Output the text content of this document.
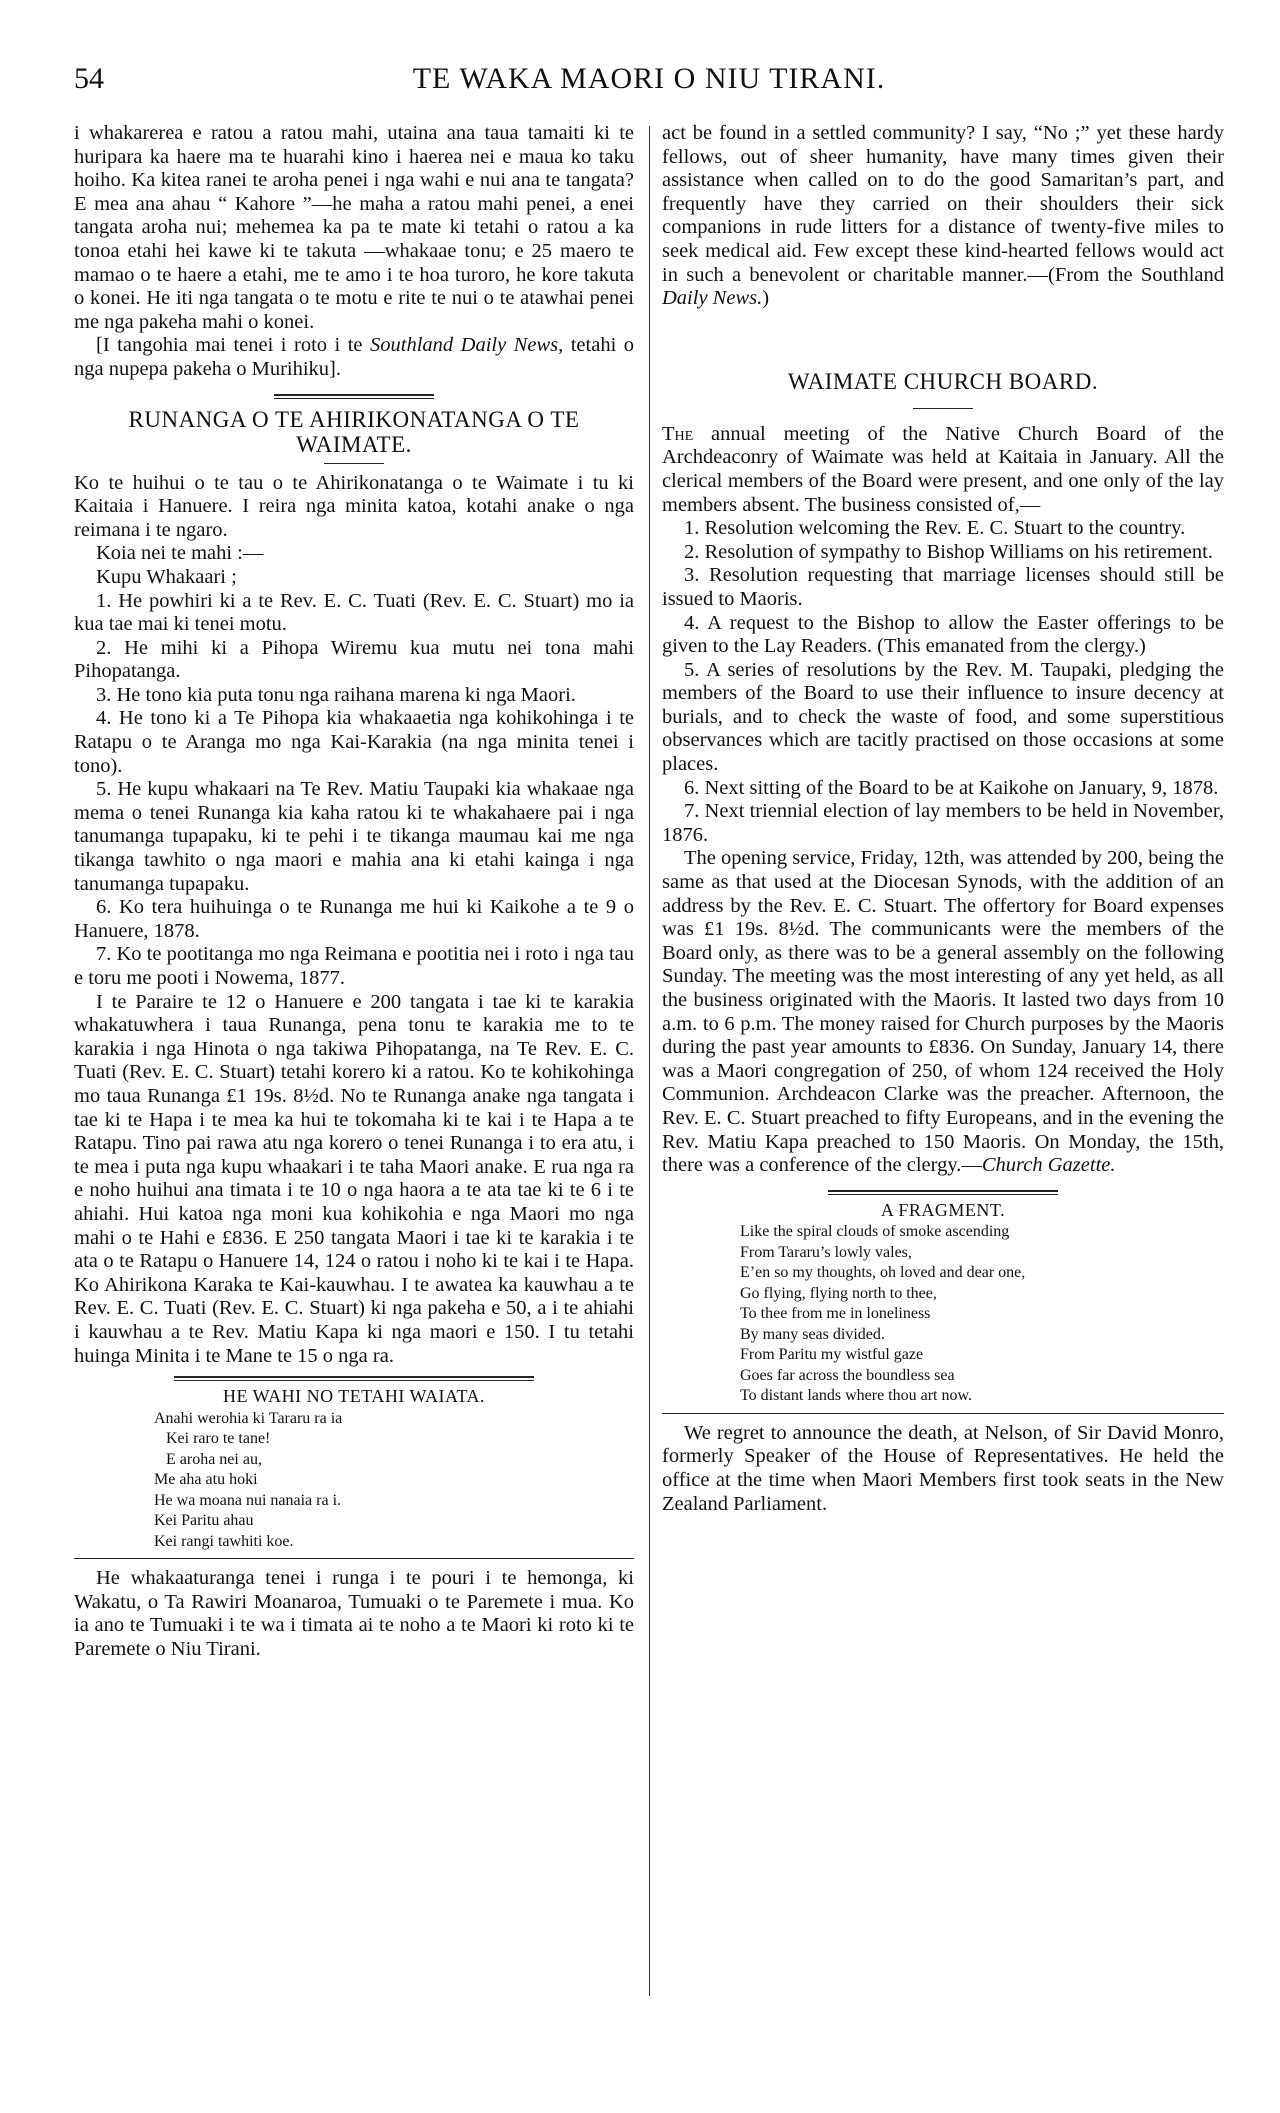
54	TE WAKA MAORI O NIU TIRANI.

i whakarerea e ratou a ratou mahi, utaina ana taua tamaiti ki te huripara ka haere ma te huarahi kino i haerea nei e maua ko taku hoiho. Ka kitea ranei te aroha penei i nga wahi e nui ana te tangata? E mea ana ahau “ Kahore ”—he maha a ratou mahi penei, a enei tangata aroha nui; mehemea ka pa te mate ki tetahi o ratou a ka tonoa etahi hei kawe ki te takuta —whakaae tonu; e 25 maero te mamao o te haere a etahi, me te amo i te hoa turoro, he kore takuta o konei. He iti nga tangata o te motu e rite te nui o te atawhai penei me nga pakeha mahi o konei.

[I tangohia mai tenei i roto i te Southland Daily News, tetahi o nga nupepa pakeha o Murihiku].

RUNANGA O TE AHIRIKONATANGA O TE WAIMATE.

Ko te huihui o te tau o te Ahirikonatanga o te Waimate i tu ki Kaitaia i Hanuere. I reira nga minita katoa, kotahi anake o nga reimana i te ngaro.

Koia nei te mahi :—

Kupu Whakaari ;

1. He powhiri ki a te Rev. E. C. Tuati (Rev. E. C. Stuart) mo ia kua tae mai ki tenei motu.

2. He mihi ki a Pihopa Wiremu kua mutu nei tona mahi Pihopatanga.

3. He tono kia puta tonu nga raihana marena ki nga Maori.

4. He tono ki a Te Pihopa kia whakaaetia nga kohikohinga i te Ratapu o te Aranga mo nga Kai-Karakia (na nga minita tenei i tono).

5. He kupu whakaari na Te Rev. Matiu Taupaki kia whakaae nga mema o tenei Runanga kia kaha ratou ki te whakahaere pai i nga tanumanga tupapaku, ki te pehi i te tikanga maumau kai me nga tikanga tawhito o nga maori e mahia ana ki etahi kainga i nga tanumanga tupapaku.

6. Ko tera huihuinga o te Runanga me hui ki Kaikohe a te 9 o Hanuere, 1878.

7. Ko te pootitanga mo nga Reimana e pootitia nei i roto i nga tau e toru me pooti i Nowema, 1877.

I te Paraire te 12 o Hanuere e 200 tangata i tae ki te karakia whakatuwhera i taua Runanga, pena tonu te karakia me to te karakia i nga Hinota o nga takiwa Pihopatanga, na Te Rev. E. C. Tuati (Rev. E. C. Stuart) tetahi korero ki a ratou. Ko te kohikohinga mo taua Runanga £1 19s. 8½d. No te Runanga anake nga tangata i tae ki te Hapa i te mea ka hui te tokomaha ki te kai i te Hapa a te Ratapu. Tino pai rawa atu nga korero o tenei Runanga i to era atu, i te mea i puta nga kupu whaakari i te taha Maori anake. E rua nga ra e noho huihui ana timata i te 10 o nga haora a te ata tae ki te 6 i te ahiahi. Hui katoa nga moni kua kohikohia e nga Maori mo nga mahi o te Hahi e £836. E 250 tangata Maori i tae ki te karakia i te ata o te Ratapu o Hanuere 14, 124 o ratou i noho ki te kai i te Hapa. Ko Ahirikona Karaka te Kai-kauwhau. I te awatea ka kauwhau a te Rev. E. C. Tuati (Rev. E. C. Stuart) ki nga pakeha e 50, a i te ahiahi i kauwhau a te Rev. Matiu Kapa ki nga maori e 150. I tu tetahi huinga Minita i te Mane te 15 o nga ra.

HE WAHI NO TETAHI WAIATA.
Anahi werohia ki Tararu ra ia
Kei raro te tane!
E aroha nei au,
Me aha atu hoki
He wa moana nui nanaia ra i.
Kei Paritu ahau
Kei rangi tawhiti koe.

He whakaaturanga tenei i runga i te pouri i te hemonga, ki Wakatu, o Ta Rawiri Moanaroa, Tumuaki o te Paremete i mua. Ko ia ano te Tumuaki i te wa i timata ai te noho a te Maori ki roto ki te Paremete o Niu Tirani.

act be found in a settled community? I say, “No ;” yet these hardy fellows, out of sheer humanity, have many times given their assistance when called on to do the good Samaritan’s part, and frequently have they carried on their shoulders their sick companions in rude litters for a distance of twenty-five miles to seek medical aid. Few except these kind-hearted fellows would act in such a benevolent or charitable manner.—(From the Southland Daily News.)

WAIMATE CHURCH BOARD.

The annual meeting of the Native Church Board of the Archdeaconry of Waimate was held at Kaitaia in January. All the clerical members of the Board were present, and one only of the lay members absent. The business consisted of,—

1. Resolution welcoming the Rev. E. C. Stuart to the country.

2. Resolution of sympathy to Bishop Williams on his retirement.

3. Resolution requesting that marriage licenses should still be issued to Maoris.

4. A request to the Bishop to allow the Easter offerings to be given to the Lay Readers. (This emanated from the clergy.)

5. A series of resolutions by the Rev. M. Taupaki, pledging the members of the Board to use their influence to insure decency at burials, and to check the waste of food, and some superstitious observances which are tacitly practised on those occasions at some places.

6. Next sitting of the Board to be at Kaikohe on January, 9, 1878.

7. Next triennial election of lay members to be held in November, 1876.

The opening service, Friday, 12th, was attended by 200, being the same as that used at the Diocesan Synods, with the addition of an address by the Rev. E. C. Stuart. The offertory for Board expenses was £1 19s. 8½d. The communicants were the members of the Board only, as there was to be a general assembly on the following Sunday. The meeting was the most interesting of any yet held, as all the business originated with the Maoris. It lasted two days from 10 a.m. to 6 p.m. The money raised for Church purposes by the Maoris during the past year amounts to £836. On Sunday, January 14, there was a Maori congregation of 250, of whom 124 received the Holy Communion. Archdeacon Clarke was the preacher. Afternoon, the Rev. E. C. Stuart preached to fifty Europeans, and in the evening the Rev. Matiu Kapa preached to 150 Maoris. On Monday, the 15th, there was a conference of the clergy.—Church Gazette.

A FRAGMENT.
Like the spiral clouds of smoke ascending
From Tararu’s lowly vales,
E’en so my thoughts, oh loved and dear one,
Go flying, flying north to thee,
To thee from me in loneliness
By many seas divided.
From Paritu my wistful gaze
Goes far across the boundless sea
To distant lands where thou art now.

We regret to announce the death, at Nelson, of Sir David Monro, formerly Speaker of the House of Representatives. He held the office at the time when Maori Members first took seats in the New Zealand Parliament.
